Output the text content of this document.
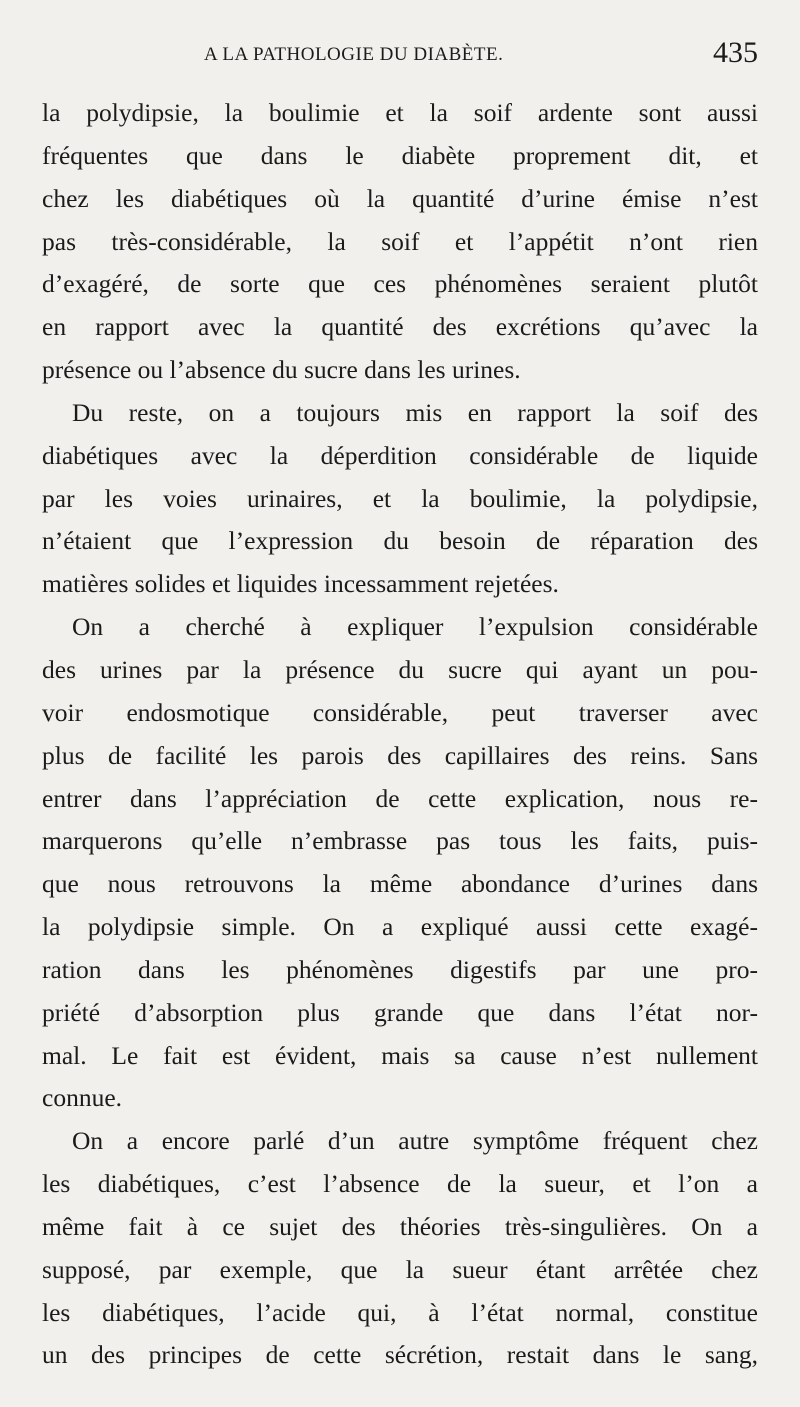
A LA PATHOLOGIE DU DIABÈTE.	435
la polydipsie, la boulimie et la soif ardente sont aussi
fréquentes que dans le diabète proprement dit, et
chez les diabétiques où la quantité d’urine émise n’est
pas très-considérable, la soif et l’appétit n’ont rien
d’exagéré, de sorte que ces phénomènes seraient plutôt
en rapport avec la quantité des excrétions qu’avec la
présence ou l’absence du sucre dans les urines.
Du reste, on a toujours mis en rapport la soif des
diabétiques avec la déperdition considérable de liquide
par les voies urinaires, et la boulimie, la polydipsie,
n’étaient que l’expression du besoin de réparation des
matières solides et liquides incessamment rejetées.
On a cherché à expliquer l’expulsion considérable
des urines par la présence du sucre qui ayant un pou-
voir endosmotique considérable, peut traverser avec
plus de facilité les parois des capillaires des reins. Sans
entrer dans l’appréciation de cette explication, nous re-
marquerons qu’elle n’embrasse pas tous les faits, puis-
que nous retrouvons la même abondance d’urines dans
la polydipsie simple. On a expliqué aussi cette exagé-
ration dans les phénomènes digestifs par une pro-
priété d’absorption plus grande que dans l’état nor-
mal. Le fait est évident, mais sa cause n’est nullement
connue.
On a encore parlé d’un autre symptôme fréquent chez
les diabétiques, c’est l’absence de la sueur, et l’on a
même fait à ce sujet des théories très-singulières. On a
supposé, par exemple, que la sueur étant arrêtée chez
les diabétiques, l’acide qui, à l’état normal, constitue
un des principes de cette sécrétion, restait dans le sang,
